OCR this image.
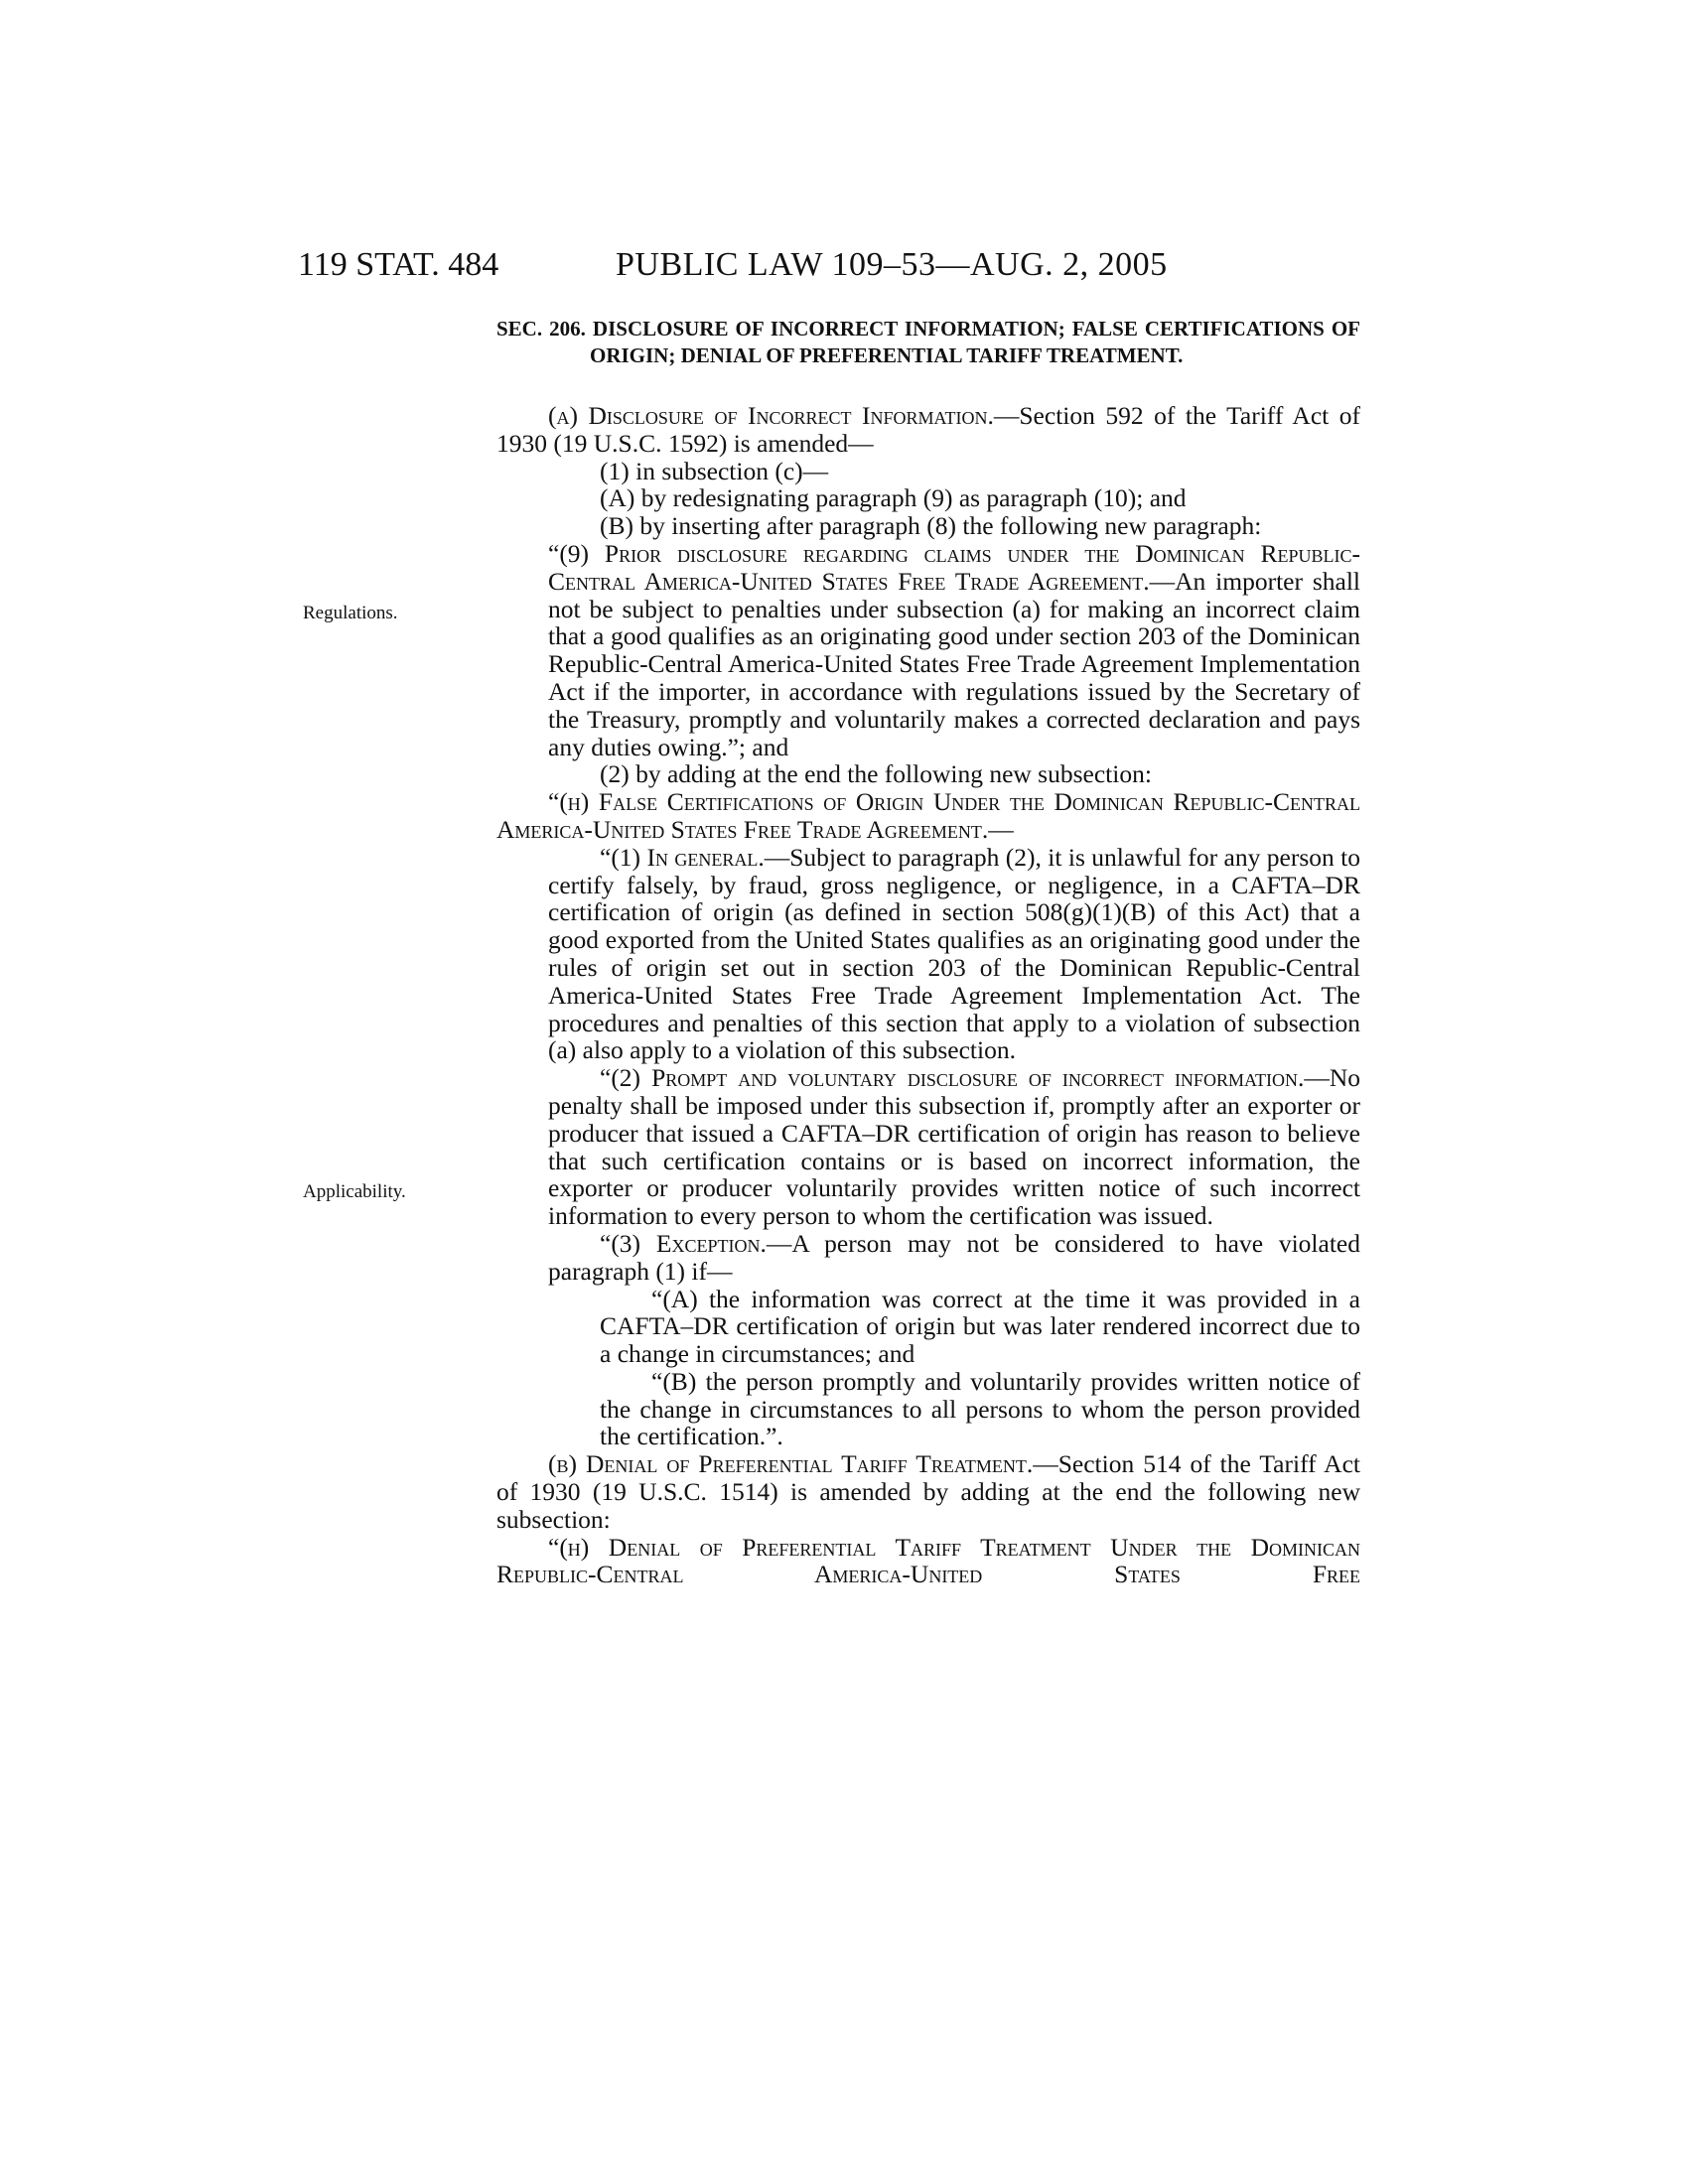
119 STAT. 484	PUBLIC LAW 109–53—AUG. 2, 2005
SEC. 206. DISCLOSURE OF INCORRECT INFORMATION; FALSE CERTIFICATIONS OF ORIGIN; DENIAL OF PREFERENTIAL TARIFF TREATMENT.
Regulations.
Applicability.

(a) Disclosure of Incorrect Information.—Section 592 of the Tariff Act of 1930 (19 U.S.C. 1592) is amended—

(1) in subsection (c)—

(A) by redesignating paragraph (9) as paragraph (10); and

(B) by inserting after paragraph (8) the following new paragraph:

“(9) Prior disclosure regarding claims under the Dominican Republic-Central America-United States Free Trade Agreement.—An importer shall not be subject to penalties under subsection (a) for making an incorrect claim that a good qualifies as an originating good under section 203 of the Dominican Republic-Central America-United States Free Trade Agreement Implementation Act if the importer, in accordance with regulations issued by the Secretary of the Treasury, promptly and voluntarily makes a corrected declaration and pays any duties owing.”; and

(2) by adding at the end the following new subsection:

“(h) False Certifications of Origin Under the Dominican Republic-Central America-United States Free Trade Agreement.—

“(1) In general.—Subject to paragraph (2), it is unlawful for any person to certify falsely, by fraud, gross negligence, or negligence, in a CAFTA–DR certification of origin (as defined in section 508(g)(1)(B) of this Act) that a good exported from the United States qualifies as an originating good under the rules of origin set out in section 203 of the Dominican Republic-Central America-United States Free Trade Agreement Implementation Act. The procedures and penalties of this section that apply to a violation of subsection (a) also apply to a violation of this subsection.

“(2) Prompt and voluntary disclosure of incorrect information.—No penalty shall be imposed under this subsection if, promptly after an exporter or producer that issued a CAFTA–DR certification of origin has reason to believe that such certification contains or is based on incorrect information, the exporter or producer voluntarily provides written notice of such incorrect information to every person to whom the certification was issued.

“(3) Exception.—A person may not be considered to have violated paragraph (1) if—

“(A) the information was correct at the time it was provided in a CAFTA–DR certification of origin but was later rendered incorrect due to a change in circumstances; and

“(B) the person promptly and voluntarily provides written notice of the change in circumstances to all persons to whom the person provided the certification.”.

(b) Denial of Preferential Tariff Treatment.—Section 514 of the Tariff Act of 1930 (19 U.S.C. 1514) is amended by adding at the end the following new subsection:

“(h) Denial of Preferential Tariff Treatment Under the Dominican Republic-Central America-United States Free
